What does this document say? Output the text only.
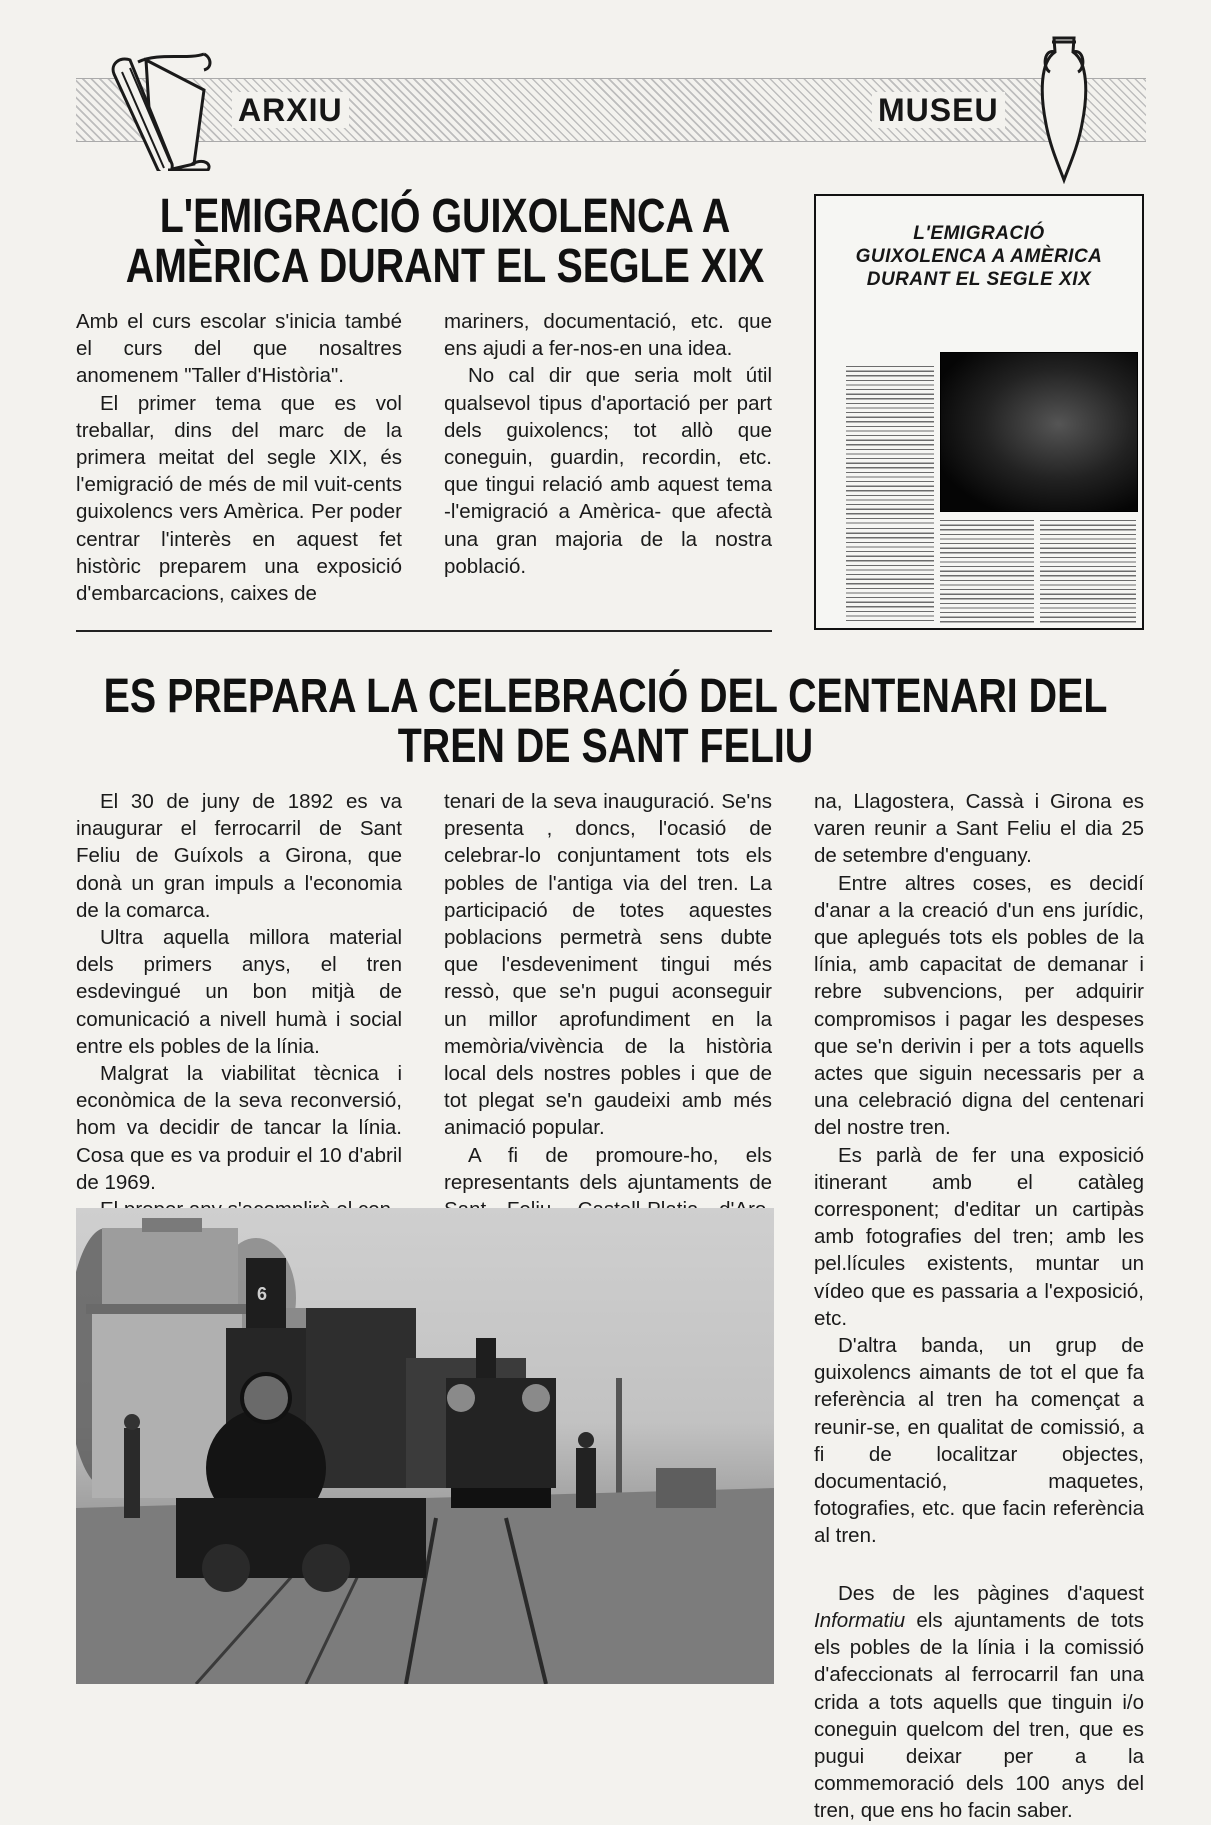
ARXIU	MUSEU
L'EMIGRACIÓ GUIXOLENCA A
AMÈRICA DURANT EL SEGLE XIX

Amb el curs escolar s'inicia també el curs del que nosaltres anomenem "Taller d'Història".

El primer tema que es vol treballar, dins del marc de la primera meitat del segle XIX, és l'emigració de més de mil vuit-cents guixolencs vers Amèrica. Per poder centrar l'interès en aquest fet històric preparem una exposició d'embarcacions, caixes de

mariners, documentació, etc. que ens ajudi a fer-nos-en una idea.

No cal dir que seria molt útil qualsevol tipus d'aportació per part dels guixolencs; tot allò que coneguin, guardin, recordin, etc. que tingui relació amb aquest tema -l'emigració a Amèrica- que afectà una gran majoria de la nostra població.

L'EMIGRACIÓ
GUIXOLENCA A AMÈRICA
DURANT EL SEGLE XIX
ES PREPARA LA CELEBRACIÓ DEL CENTENARI DEL
TREN DE SANT FELIU

El 30 de juny de 1892 es va inaugurar el ferrocarril de Sant Feliu de Guíxols a Girona, que donà un gran impuls a l'economia de la comarca.

Ultra aquella millora material dels primers anys, el tren esdevingué un bon mitjà de comunicació a nivell humà i social entre els pobles de la línia.

Malgrat la viabilitat tècnica i econòmica de la seva reconversió, hom va decidir de tancar la línia. Cosa que es va produir el 10 d'abril de 1969.

tenari de la seva inauguració. Se'ns presenta , doncs, l'ocasió de celebrar-lo conjuntament tots els pobles de l'antiga via del tren. La participació de totes aquestes poblacions permetrà sens dubte que l'esdeveniment tingui més ressò, que se'n pugui aconseguir un millor aprofundiment en la memòria/vivència de la història local dels nostres pobles i que de tot plegat se'n gaudeixi amb més animació popular.

A fi de promoure-ho, els representants dels ajuntaments de

na, Llagostera, Cassà i Girona es varen reunir a Sant Feliu el dia 25 de setembre d'enguany.

Entre altres coses, es decidí d'anar a la creació d'un ens jurídic, que aplegués tots els pobles de la línia, amb capacitat de demanar i rebre subvencions, per adquirir compromisos i pagar les despeses que se'n derivin i per a tots aquells actes que siguin necessaris per a una celebració digna del centenari del nostre tren.

Es parlà de fer una exposició itinerant amb el catàleg corresponent; d'editar un cartipàs amb fotografies del tren; amb les pel.lícules existents, muntar un vídeo que es passaria a l'exposició, etc.

D'altra banda, un grup de guixolencs aimants de tot el que fa referència al tren ha començat a reunir-se, en qualitat de comissió, a fi de localitzar objectes, documentació, maquetes, fotografies, etc. que facin referència al tren.

Des de les pàgines d'aquest Informatiu els ajuntaments de tots els pobles de la línia i la comissió d'afeccionats al ferrocarril fan una crida a tots aquells que tinguin i/o coneguin quelcom del tren, que es pugui deixar per a la commemoració dels 100 anys del tren, que ens ho facin saber.

6
